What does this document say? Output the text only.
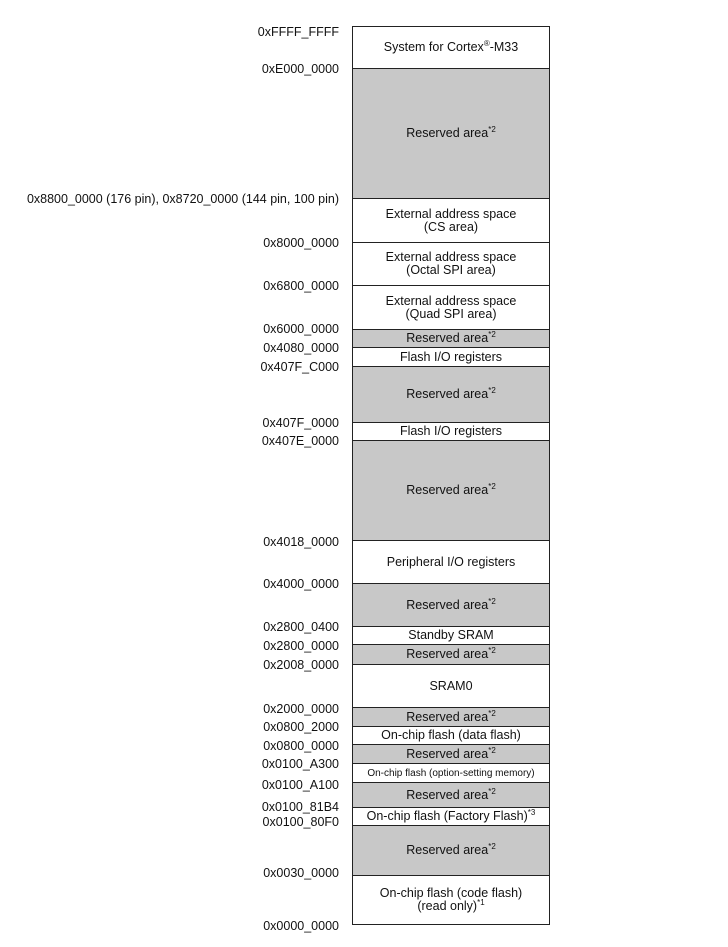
0xFFFF_FFFF
0xE000_0000
0x8800_0000 (176 pin), 0x8720_0000 (144 pin, 100 pin)
0x8000_0000
0x6800_0000
0x6000_0000
0x4080_0000
0x407F_C000
0x407F_0000
0x407E_0000
0x4018_0000
0x4000_0000
0x2800_0400
0x2800_0000
0x2008_0000
0x2000_0000
0x0800_2000
0x0800_0000
0x0100_A300
0x0100_A100
0x0100_81B4
0x0100_80F0
0x0030_0000
0x0000_0000
System for Cortex®-M33
Reserved area$^{*2}$
External address space
(CS area)
External address space
(Octal SPI area)
External address space
(Quad SPI area)
Reserved area$^{*2}$
Flash I/O registers
Reserved area$^{*2}$
Flash I/O registers
Reserved area$^{*2}$
Peripheral I/O registers
Reserved area$^{*2}$
Standby SRAM
Reserved area$^{*2}$
SRAM0
Reserved area$^{*2}$
On-chip flash (data flash)
Reserved area$^{*2}$
On-chip flash (option-setting memory)
Reserved area$^{*2}$
On-chip flash (Factory Flash)$^{*3}$
Reserved area$^{*2}$
On-chip flash (code flash)
(read only)$^{*1}$
